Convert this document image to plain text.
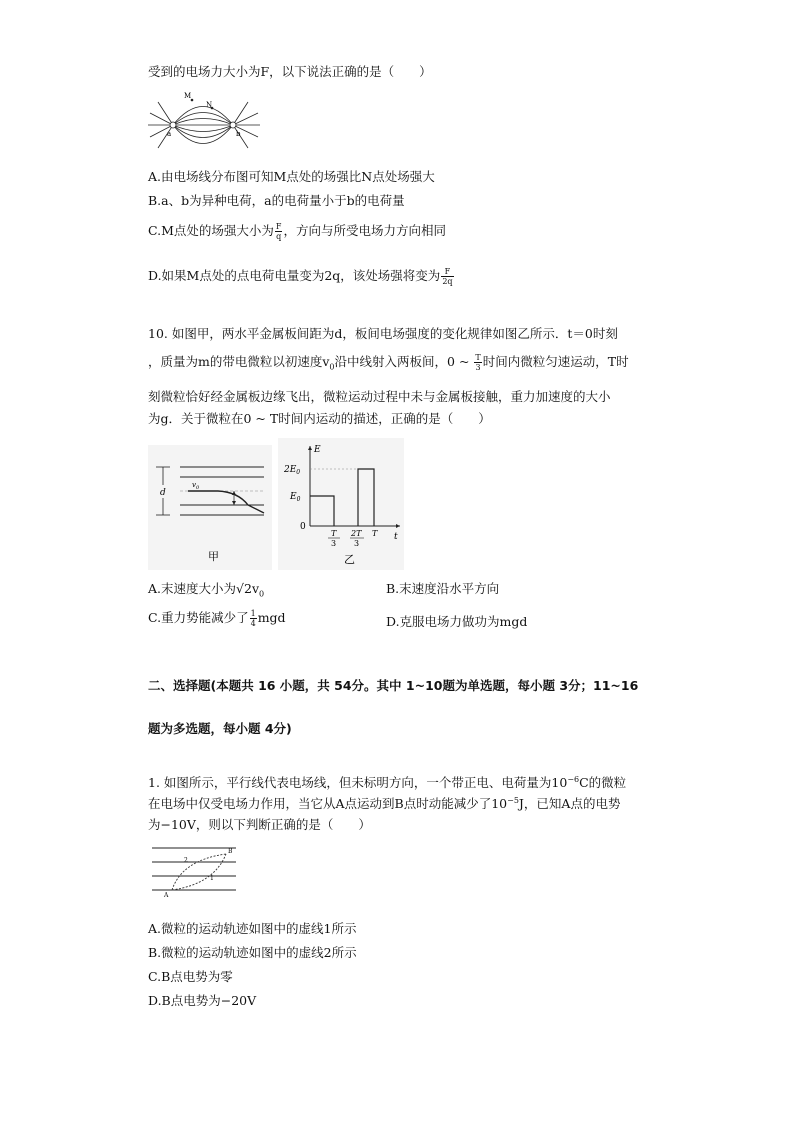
受到的电场力大小为F，以下说法正确的是（　　）
M
N
a	b
A.由电场线分布图可知M点处的场强比N点处场强大
B.a、b为异种电荷，a的电荷量小于b的电荷量
C.M点处的场强大小为 $\frac{F}{q}$ ，方向与所受电场力方向相同
D.如果M点处的点电荷电量变为2q，该处场强将变为 $\frac{F}{2q}$
10. 如图甲，两水平金属板间距为d，板间电场强度的变化规律如图乙所示．t＝0时刻
，质量为m的带电微粒以初速度$v_0$沿中线射入两板间，0 ~ $\frac{T}{3}$ 时间内微粒匀速运动，T时
刻微粒恰好经金属板边缘飞出，微粒运动过程中未与金属板接触，重力加速度的大小
为g．关于微粒在0 ~ T时间内运动的描述，正确的是（　　）
d
$v_0$
甲
E
t
$2E_0$
$E_0$
0
T
3
2T
3
T
乙
A.末速度大小为$√2v_0$	B.末速度沿水平方向
C.重力势能减少了 $\frac{1}{4}$ mgd	D.克服电场力做功为mgd
二、选择题(本题共 16 小题，共 54分。其中 1~10题为单选题，每小题 3分；11~16
题为多选题，每小题 4分)
1. 如图所示，平行线代表电场线，但未标明方向，一个带正电、电荷量为$10^{-6}C$的微粒
在电场中仅受电场力作用，当它从A点运动到B点时动能减少了$10^{-5}J$，已知A点的电势
为−10V，则以下判断正确的是（　　）
A
B
2
1
A.微粒的运动轨迹如图中的虚线1所示
B.微粒的运动轨迹如图中的虚线2所示
C.B点电势为零
D.B点电势为−20V
